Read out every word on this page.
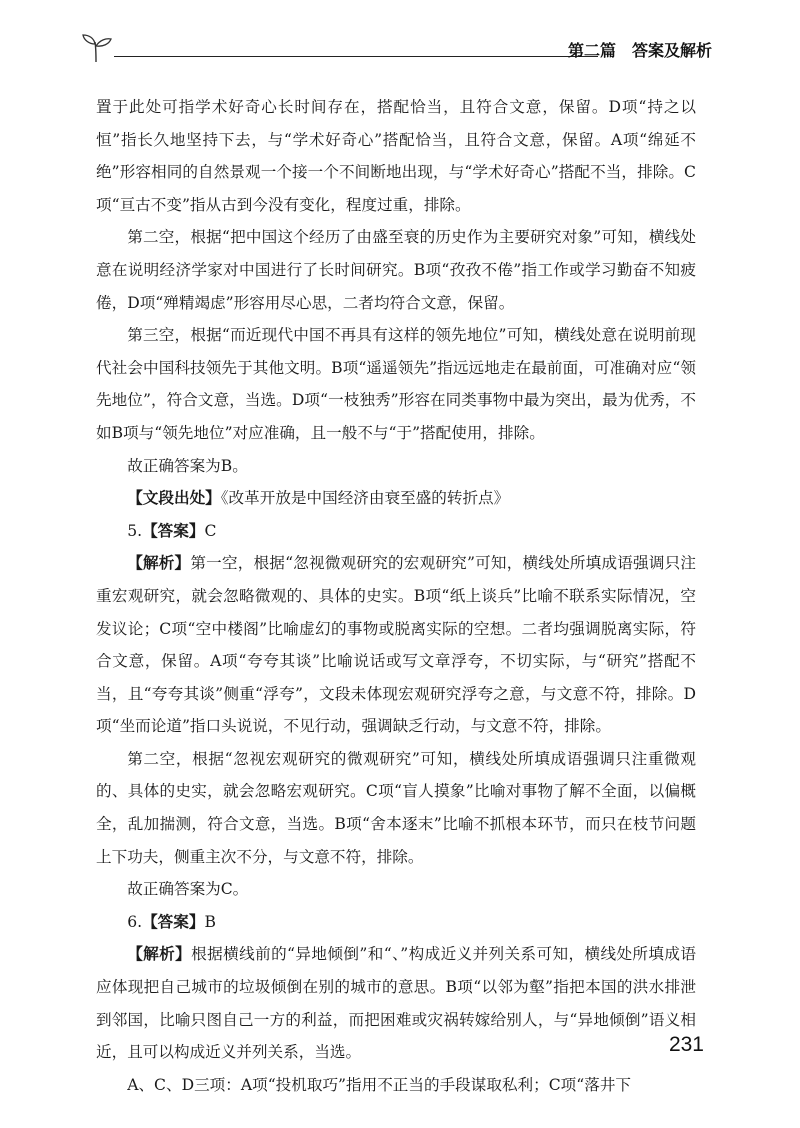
第二篇　答案及解析

置于此处可指学术好奇心长时间存在，搭配恰当，且符合文意，保留。D项“持之以恒”指长久地坚持下去，与“学术好奇心”搭配恰当，且符合文意，保留。A项“绵延不绝”形容相同的自然景观一个接一个不间断地出现，与“学术好奇心”搭配不当，排除。C项“亘古不变”指从古到今没有变化，程度过重，排除。

第二空，根据“把中国这个经历了由盛至衰的历史作为主要研究对象”可知，横线处意在说明经济学家对中国进行了长时间研究。B项“孜孜不倦”指工作或学习勤奋不知疲倦，D项“殚精竭虑”形容用尽心思，二者均符合文意，保留。

第三空，根据“而近现代中国不再具有这样的领先地位”可知，横线处意在说明前现代社会中国科技领先于其他文明。B项“遥遥领先”指远远地走在最前面，可准确对应“领先地位”，符合文意，当选。D项“一枝独秀”形容在同类事物中最为突出，最为优秀，不如B项与“领先地位”对应准确，且一般不与“于”搭配使用，排除。

故正确答案为B。

【文段出处】《改革开放是中国经济由衰至盛的转折点》

5.【答案】C

【解析】第一空，根据“忽视微观研究的宏观研究”可知，横线处所填成语强调只注重宏观研究，就会忽略微观的、具体的史实。B项“纸上谈兵”比喻不联系实际情况，空发议论；C项“空中楼阁”比喻虚幻的事物或脱离实际的空想。二者均强调脱离实际，符合文意，保留。A项“夸夸其谈”比喻说话或写文章浮夸，不切实际，与“研究”搭配不当，且“夸夸其谈”侧重“浮夸”，文段未体现宏观研究浮夸之意，与文意不符，排除。D项“坐而论道”指口头说说，不见行动，强调缺乏行动，与文意不符，排除。

第二空，根据“忽视宏观研究的微观研究”可知，横线处所填成语强调只注重微观的、具体的史实，就会忽略宏观研究。C项“盲人摸象”比喻对事物了解不全面，以偏概全，乱加揣测，符合文意，当选。B项“舍本逐末”比喻不抓根本环节，而只在枝节问题上下功夫，侧重主次不分，与文意不符，排除。

故正确答案为C。

6.【答案】B

【解析】根据横线前的“异地倾倒”和“、”构成近义并列关系可知，横线处所填成语应体现把自己城市的垃圾倾倒在别的城市的意思。B项“以邻为壑”指把本国的洪水排泄到邻国，比喻只图自己一方的利益，而把困难或灾祸转嫁给别人，与“异地倾倒”语义相近，且可以构成近义并列关系，当选。

A、C、D三项：A项“投机取巧”指用不正当的手段谋取私利；C项“落井下

231
